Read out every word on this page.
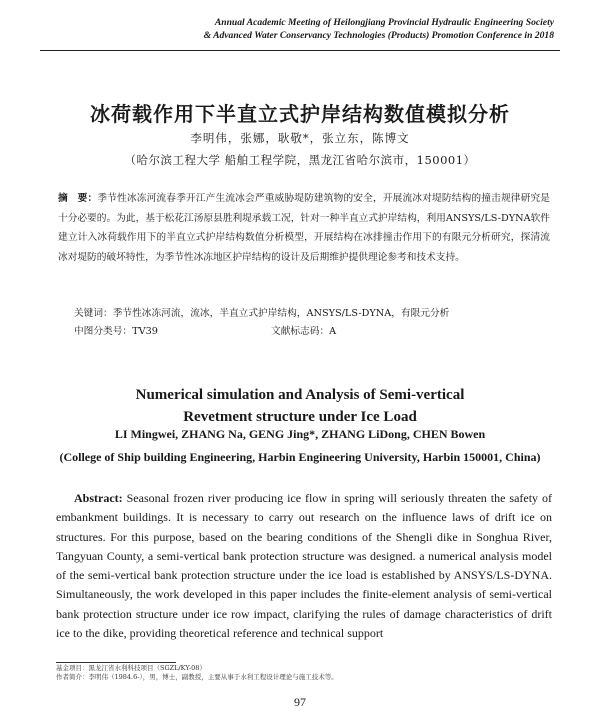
Annual Academic Meeting of Heilongjiang Provincial Hydraulic Engineering Society
& Advanced Water Conservancy Technologies (Products) Promotion Conference in 2018
冰荷载作用下半直立式护岸结构数值模拟分析
李明伟，张娜，耿敬*，张立东，陈博文
（哈尔滨工程大学 船舶工程学院，黑龙江省哈尔滨市，150001）
摘　要：季节性冰冻河流春季开江产生流冰会严重威胁堤防建筑物的安全，开展流冰对堤防结构的撞击规律研究是十分必要的。为此，基于松花江汤原县胜利堤承载工况，针对一种半直立式护岸结构，利用ANSYS/LS-DYNA软件建立计入冰荷载作用下的半直立式护岸结构数值分析模型，开展结构在冰排撞击作用下的有限元分析研究，探清流冰对堤防的破坏特性，为季节性冰冻地区护岸结构的设计及后期维护提供理论参考和技术支持。
关键词：季节性冰冻河流，流冰，半直立式护岸结构，ANSYS/LS-DYNA，有限元分析
中图分类号：TV39	文献标志码：A
Numerical simulation and Analysis of Semi-vertical
Revetment structure under Ice Load
LI Mingwei, ZHANG Na, GENG Jing*, ZHANG LiDong, CHEN Bowen
(College of Ship building Engineering, Harbin Engineering University, Harbin 150001, China)
Abstract: Seasonal frozen river producing ice flow in spring will seriously threaten the safety of embankment buildings. It is necessary to carry out research on the influence laws of drift ice on structures. For this purpose, based on the bearing conditions of the Shengli dike in Songhua River, Tangyuan County, a semi-vertical bank protection structure was designed. a numerical analysis model of the semi-vertical bank protection structure under the ice load is established by ANSYS/LS-DYNA. Simultaneously, the work developed in this paper includes the finite-element analysis of semi-vertical bank protection structure under ice row impact, clarifying the rules of damage characteristics of drift ice to the dike, providing theoretical reference and technical support
基金项目：黑龙江省水利科技项目（SGZL/KY-08）
作者简介：李明伟（1984.6-），男，博士，副教授，主要从事于水利工程设计理论与施工技术等。
97
